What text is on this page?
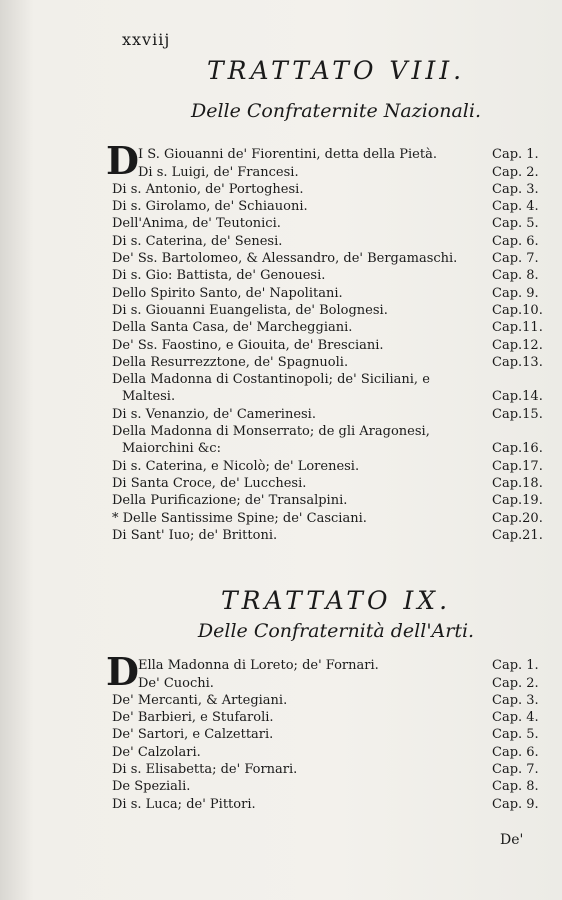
xxviij
TRATTATO VIII.
Delle Confraternite Nazionali.
D I S. Giouanni de' Fiorentini, detta della Pietà.	Cap. 1.
Di s. Luigi, de' Francesi.	Cap. 2.
Di s. Antonio, de' Portoghesi.	Cap. 3.
Di s. Girolamo, de' Schiauoni.	Cap. 4.
Dell'Anima, de' Teutonici.	Cap. 5.
Di s. Caterina, de' Senesi.	Cap. 6.
De' Ss. Bartolomeo, & Alessandro, de' Bergamaschi.	Cap. 7.
Di s. Gio: Battista, de' Genouesi.	Cap. 8.
Dello Spirito Santo, de' Napolitani.	Cap. 9.
Di s. Giouanni Euangelista, de' Bolognesi.	Cap.10.
Della Santa Casa, de' Marcheggiani.	Cap.11.
De' Ss. Faostino, e Giouita, de' Bresciani.	Cap.12.
Della Resurrezztone, de' Spagnuoli.	Cap.13.
Della Madonna di Costantinopoli; de' Siciliani, e
Maltesi.	Cap.14.
Di s. Venanzio, de' Camerinesi.	Cap.15.
Della Madonna di Monserrato; de gli Aragonesi,
Maiorchini &c:	Cap.16.
Di s. Caterina, e Nicolò; de' Lorenesi.	Cap.17.
Di Santa Croce, de' Lucchesi.	Cap.18.
Della Purificazione; de' Transalpini.	Cap.19.
* Delle Santissime Spine; de' Casciani.	Cap.20.
Di Sant' Iuo; de' Brittoni.	Cap.21.
TRATTATO IX.
Delle Confraternità dell'Arti.
D Ella Madonna di Loreto; de' Fornari.	Cap. 1.
De' Cuochi.	Cap. 2.
De' Mercanti, & Artegiani.	Cap. 3.
De' Barbieri, e Stufaroli.	Cap. 4.
De' Sartori, e Calzettari.	Cap. 5.
De' Calzolari.	Cap. 6.
Di s. Elisabetta; de' Fornari.	Cap. 7.
De Speziali.	Cap. 8.
Di s. Luca; de' Pittori.	Cap. 9.
De'
